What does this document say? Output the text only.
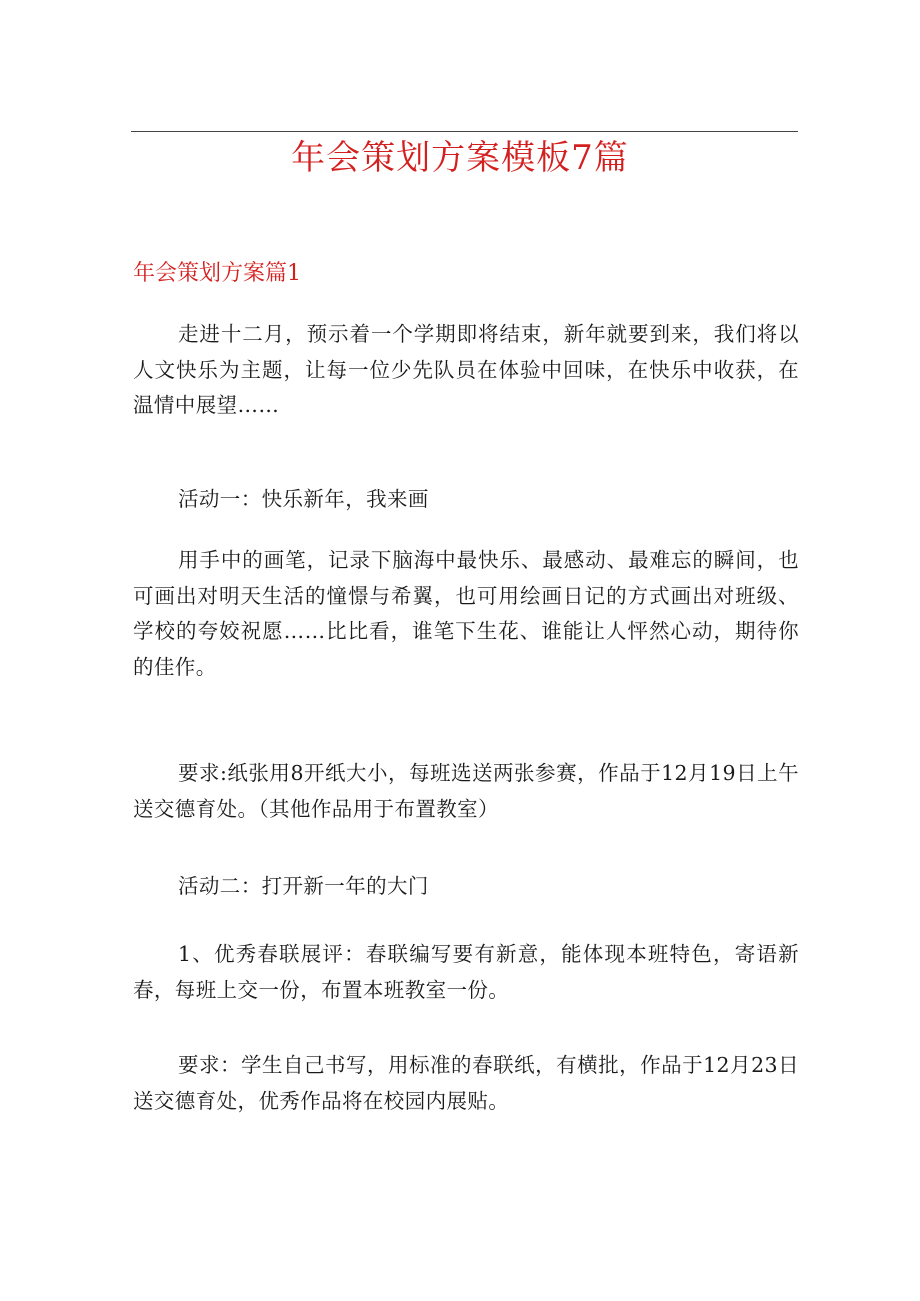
年会策划方案模板7篇
年会策划方案篇1

走进十二月，预示着一个学期即将结束，新年就要到来，我们将以人文快乐为主题，让每一位少先队员在体验中回味，在快乐中收获，在温情中展望……

活动一：快乐新年，我来画

用手中的画笔，记录下脑海中最快乐、最感动、最难忘的瞬间，也可画出对明天生活的憧憬与希翼，也可用绘画日记的方式画出对班级、学校的夸姣祝愿……比比看，谁笔下生花、谁能让人怦然心动，期待你的佳作。

要求:纸张用8开纸大小，每班选送两张参赛，作品于12月19日上午送交德育处。（其他作品用于布置教室）

活动二：打开新一年的大门

1、优秀春联展评：春联编写要有新意，能体现本班特色，寄语新春，每班上交一份，布置本班教室一份。

要求：学生自己书写，用标准的春联纸，有横批，作品于12月23日送交德育处，优秀作品将在校园内展贴。
